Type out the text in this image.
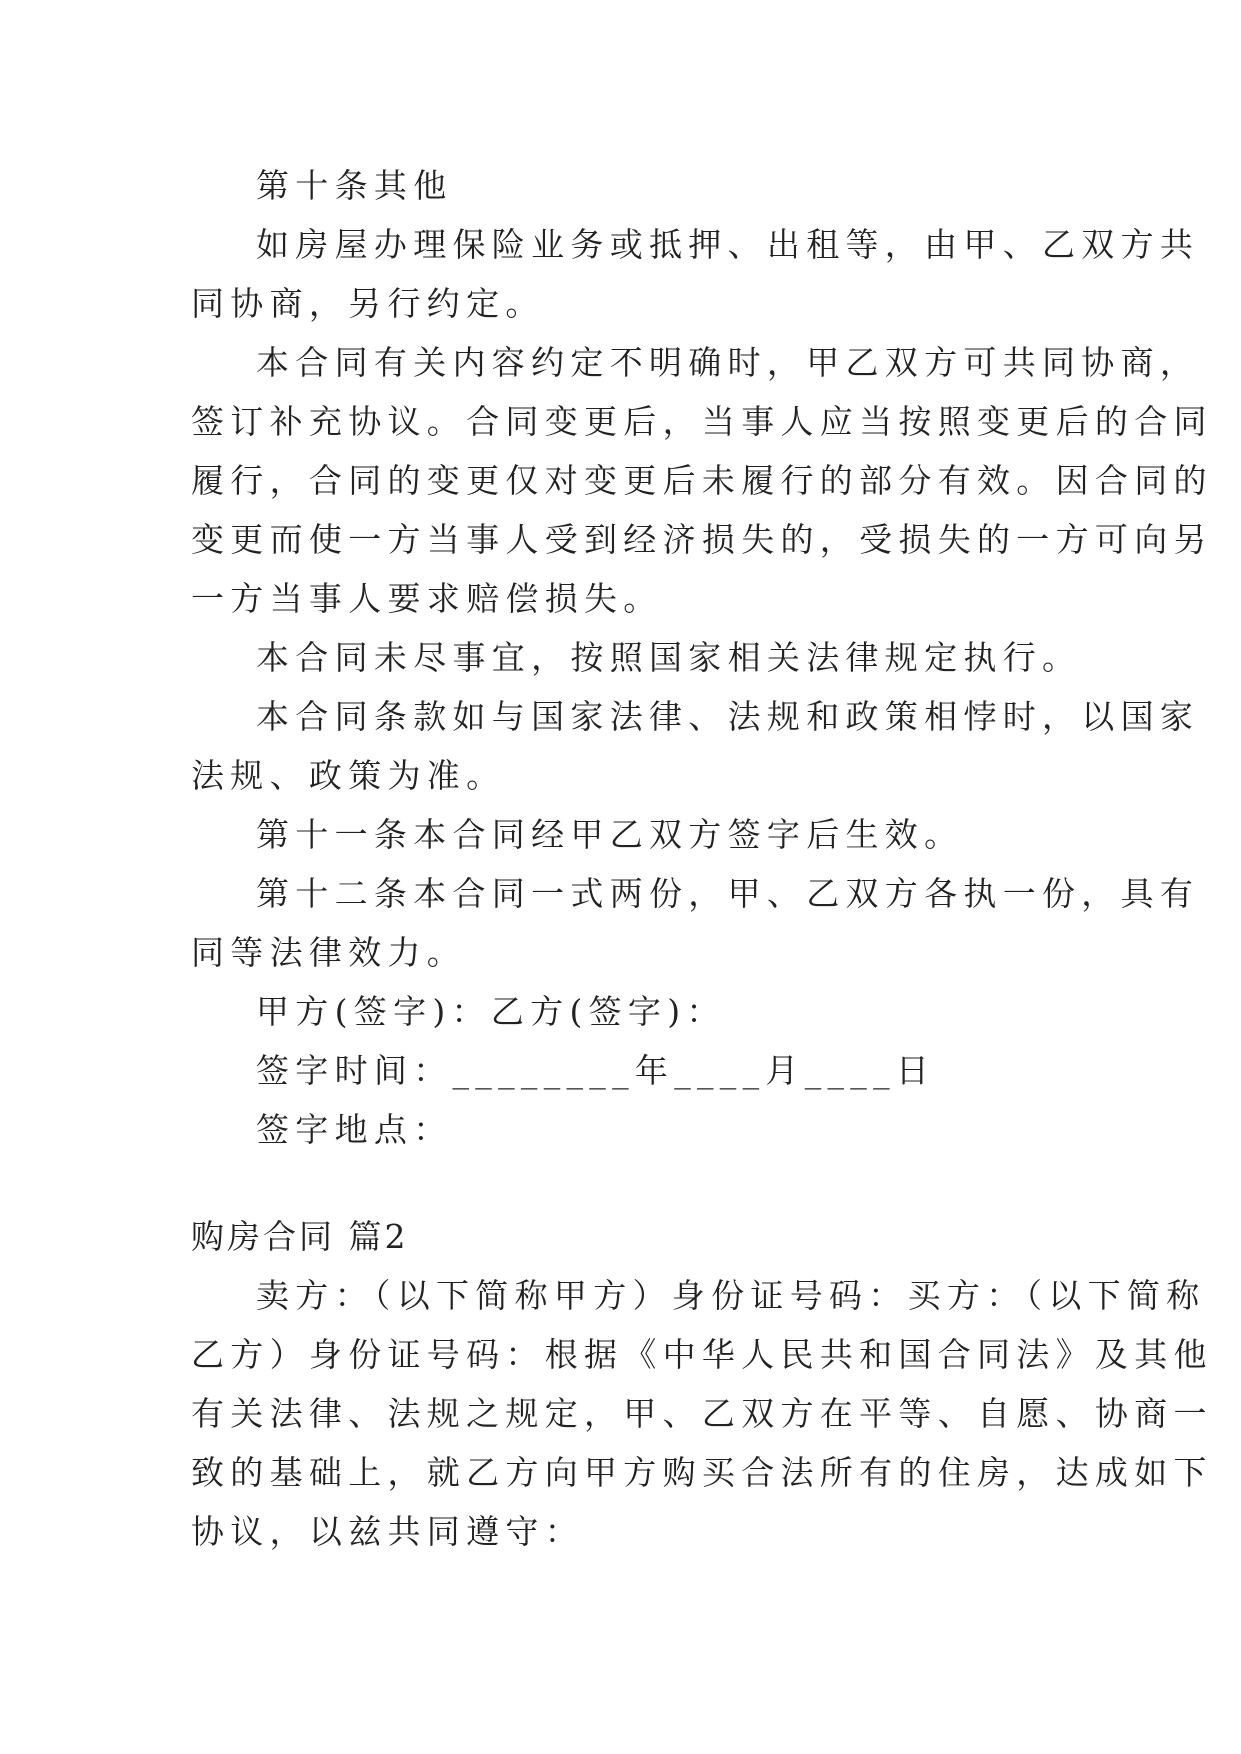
第十条其他
如房屋办理保险业务或抵押、出租等，由甲、乙双方共
同协商，另行约定。
本合同有关内容约定不明确时，甲乙双方可共同协商，
签订补充协议。合同变更后，当事人应当按照变更后的合同
履行，合同的变更仅对变更后未履行的部分有效。因合同的
变更而使一方当事人受到经济损失的，受损失的一方可向另
一方当事人要求赔偿损失。
本合同未尽事宜，按照国家相关法律规定执行。
本合同条款如与国家法律、法规和政策相悖时，以国家
法规、政策为准。
第十一条本合同经甲乙双方签字后生效。
第十二条本合同一式两份，甲、乙双方各执一份，具有
同等法律效力。
甲方(签字)：乙方(签字)：
签字时间：________年____月____日
签字地点：
购房合同 篇2
卖方：（以下简称甲方）身份证号码：买方：（以下简称
乙方）身份证号码：根据《中华人民共和国合同法》及其他
有关法律、法规之规定，甲、乙双方在平等、自愿、协商一
致的基础上，就乙方向甲方购买合法所有的住房，达成如下
协议，以兹共同遵守：
